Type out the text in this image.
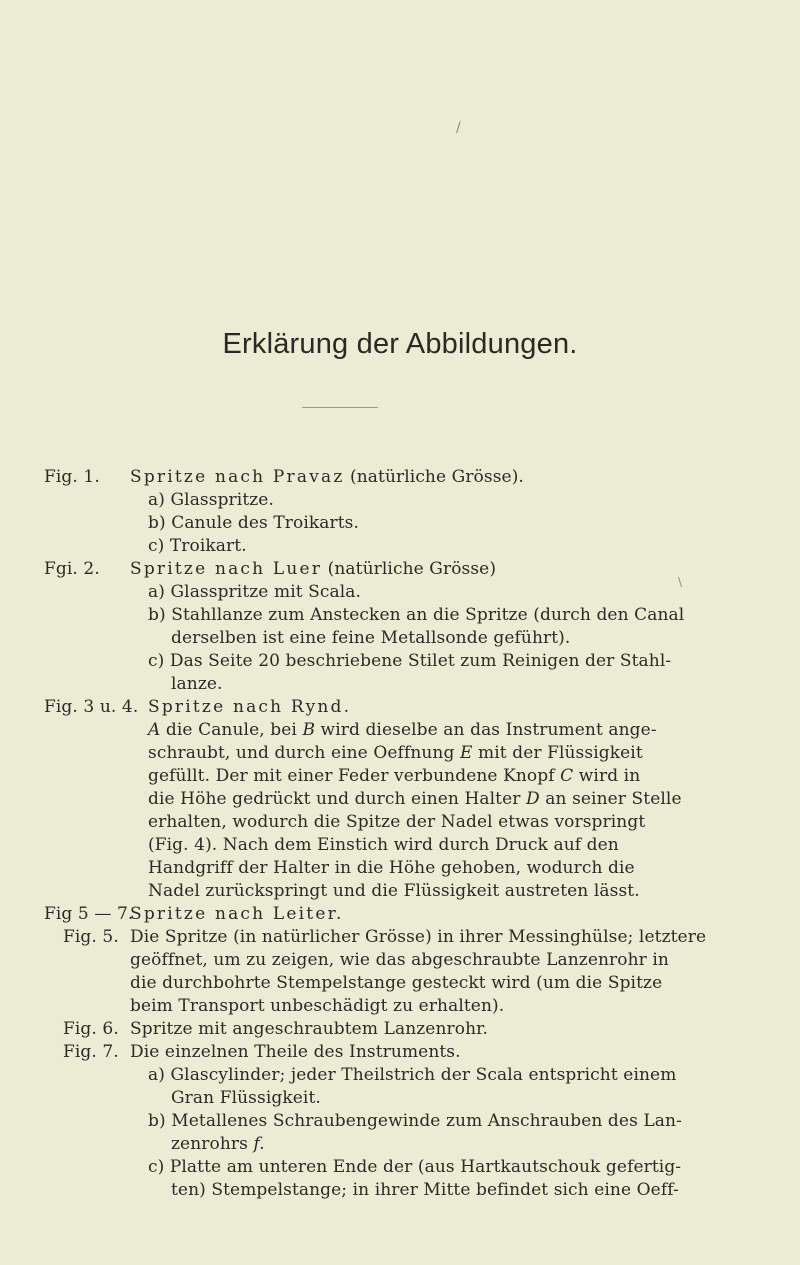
/
\
Erklärung der Abbildungen.
Fig. 1.	Spritze nach Pravaz (natürliche Grösse).
a) Glasspritze.
b) Canule des Troikarts.
c) Troikart.
Fgi. 2.	Spritze nach Luer (natürliche Grösse)
a) Glasspritze mit Scala.
b) Stahllanze zum Anstecken an die Spritze (durch den Canal
derselben ist eine feine Metallsonde geführt).
c) Das Seite 20 beschriebene Stilet zum Reinigen der Stahl-
lanze.
Fig. 3 u. 4. Spritze nach Rynd.
A die Canule, bei B wird dieselbe an das Instrument ange-
schraubt, und durch eine Oeffnung E mit der Flüssigkeit
gefüllt. Der mit einer Feder verbundene Knopf C wird in
die Höhe gedrückt und durch einen Halter D an seiner Stelle
erhalten, wodurch die Spitze der Nadel etwas vorspringt
(Fig. 4). Nach dem Einstich wird durch Druck auf den
Handgriff der Halter in die Höhe gehoben, wodurch die
Nadel zurückspringt und die Flüssigkeit austreten lässt.
Fig 5 — 7.
Spritze nach Leiter.
Fig. 5. Die Spritze (in natürlicher Grösse) in ihrer Messinghülse; letztere
geöffnet, um zu zeigen, wie das abgeschraubte Lanzenrohr in
die durchbohrte Stempelstange gesteckt wird (um die Spitze
beim Transport unbeschädigt zu erhalten).
Fig. 6. Spritze mit angeschraubtem Lanzenrohr.
Fig. 7. Die einzelnen Theile des Instruments.
a) Glascylinder; jeder Theilstrich der Scala entspricht einem
Gran Flüssigkeit.
b) Metallenes Schraubengewinde zum Anschrauben des Lan-
zenrohrs f.
c) Platte am unteren Ende der (aus Hartkautschouk gefertig-
ten) Stempelstange; in ihrer Mitte befindet sich eine Oeff-
